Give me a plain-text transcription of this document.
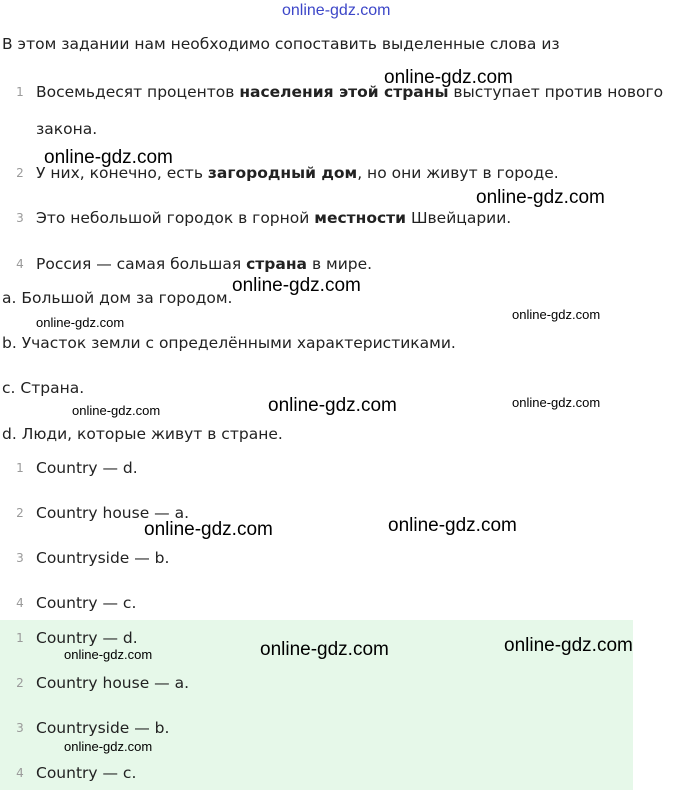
online-gdz.com
В этом задании нам необходимо сопоставить выделенные слова из
1 Восемьдесят процентов населения этой страны выступает против нового
закона.
2 У них, конечно, есть загородный дом, но они живут в городе.
3 Это небольшой городок в горной местности Швейцарии.
4 Россия — самая большая страна в мире.
a. Большой дом за городом.
b. Участок земли с определёнными характеристиками.
c. Страна.
d. Люди, которые живут в стране.
1 Country — d.
2 Country house — a.
3 Countryside — b.
4 Country — c.
1 Country — d.
2 Country house — a.
3 Countryside — b.
4 Country — c.
online-gdz.com
online-gdz.com
online-gdz.com
online-gdz.com
online-gdz.com
online-gdz.com
online-gdz.com
online-gdz.com
online-gdz.com
online-gdz.com	online-gdz.com
online-gdz.com	online-gdz.com
online-gdz.com
online-gdz.com
